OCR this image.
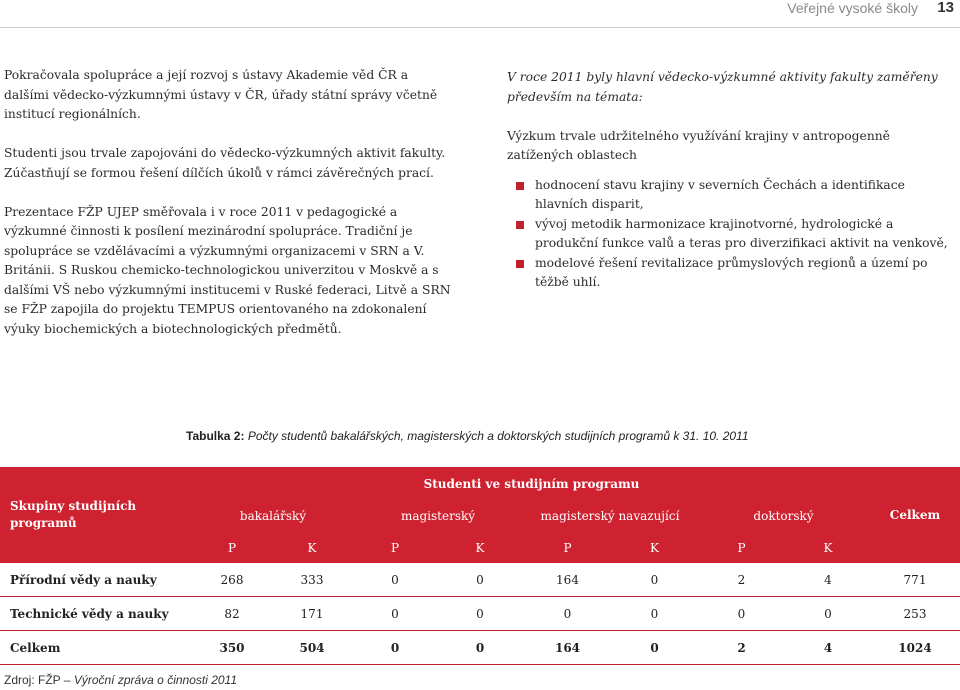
Veřejné vysoké školy 13

Pokračovala spolupráce a její rozvoj s ústavy Akademie věd ČR a dalšími vědecko-výzkumnými ústavy v ČR, úřady státní správy včetně institucí regionálních.

Studenti jsou trvale zapojováni do vědecko-výzkumných aktivit fakulty. Zúčastňují se formou řešení dílčích úkolů v rámci závěrečných prací.

Prezentace FŽP UJEP směřovala i v roce 2011 v pedagogické a výzkumné činnosti k posílení mezinárodní spolupráce. Tradiční je spolupráce se vzdělávacími a výzkumnými organizacemi v SRN a V. Británii. S Ruskou chemicko-technologickou univerzitou v Moskvě a s dalšími VŠ nebo výzkumnými institucemi v Ruské federaci, Litvě a SRN se FŽP zapojila do projektu TEMPUS orientovaného na zdokonalení výuky biochemických a biotechnologických předmětů.

V roce 2011 byly hlavní vědecko-výzkumné aktivity fakulty zaměřeny především na témata:

Výzkum trvale udržitelného využívání krajiny v antropogenně zatížených oblastech

hodnocení stavu krajiny v severních Čechách a identifikace hlavních disparit,
vývoj metodik harmonizace krajinotvorné, hydrologické a produkční funkce valů a teras pro diverzifikaci aktivit na venkově,
modelové řešení revitalizace průmyslových regionů a území po těžbě uhlí.
Tabulka 2: Počty studentů bakalářských, magisterských a doktorských studijních programů k 31. 10. 2011
Skupiny studijních programů	Studenti ve studijním programu								Celkem
	bakalářský		magisterský		magisterský navazující		doktorský		
	P	K	P	K	P	K	P	K	
Přírodní vědy a nauky	268	333	0	0	164	0	2	4	771
Technické vědy a nauky	82	171	0	0	0	0	0	0	253
Celkem	350	504	0	0	164	0	2	4	1024
Zdroj: FŽP – Výroční zpráva o činnosti 2011
